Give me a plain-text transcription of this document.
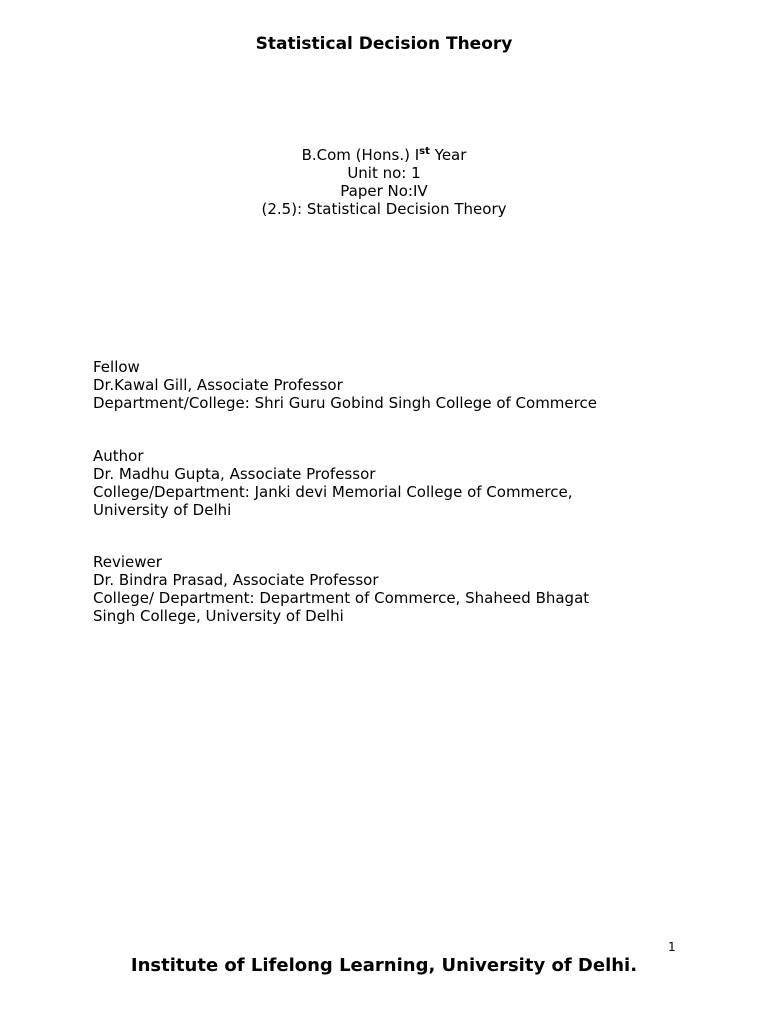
Statistical Decision Theory
B.Com (Hons.) Ist Year
Unit no: 1
Paper No:IV
(2.5): Statistical Decision Theory
Fellow
Dr.Kawal Gill, Associate Professor
Department/College: Shri Guru Gobind Singh College of Commerce
Author
Dr. Madhu Gupta, Associate Professor
College/Department: Janki devi Memorial College of Commerce,
University of Delhi
Reviewer
Dr. Bindra Prasad, Associate Professor
College/ Department: Department of Commerce, Shaheed Bhagat
Singh College, University of Delhi
1
Institute of Lifelong Learning, University of Delhi.
